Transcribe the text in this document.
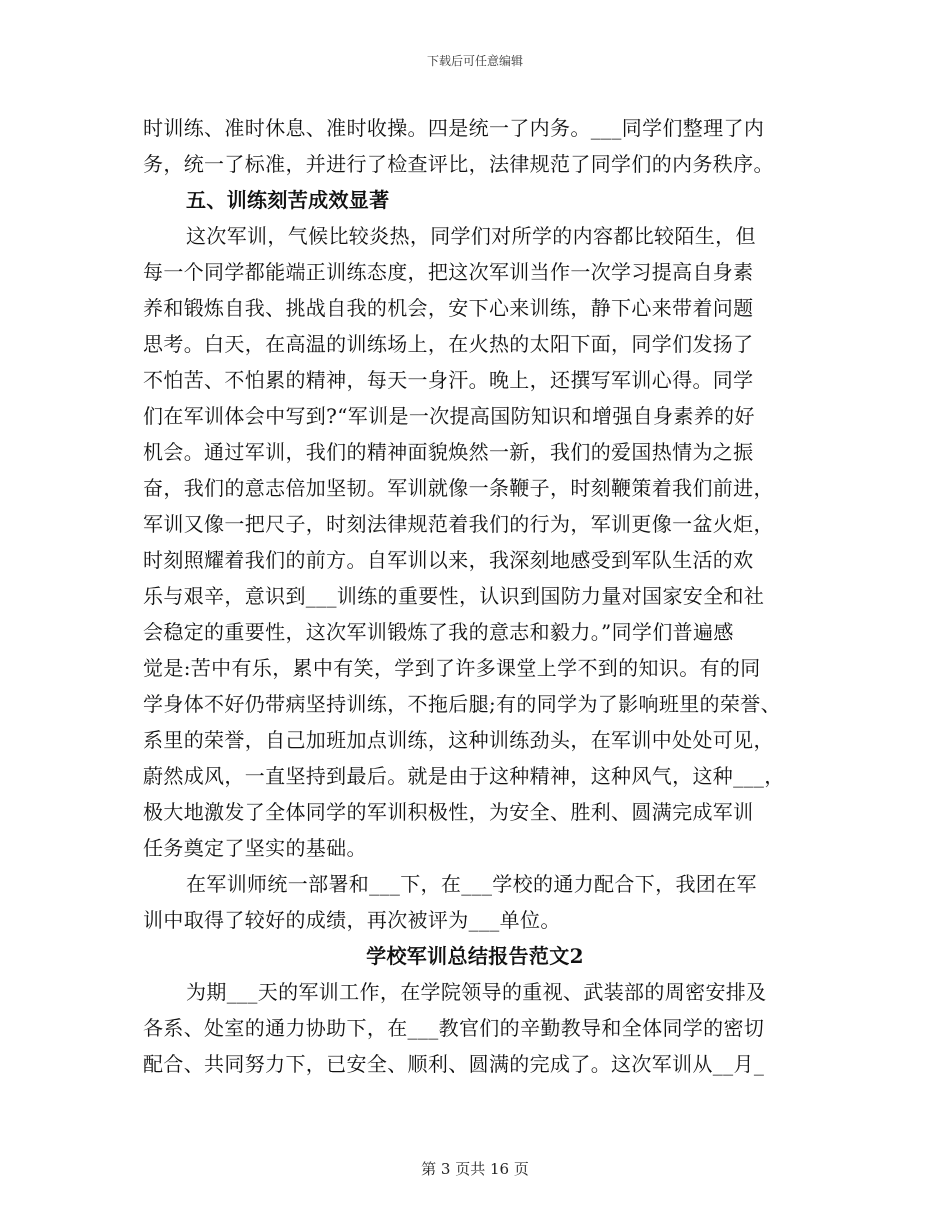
下载后可任意编辑
时训练、准时休息、准时收操。四是统一了内务。___同学们整理了内
务，统一了标准，并进行了检查评比，法律规范了同学们的内务秩序。
五、训练刻苦成效显著
这次军训，气候比较炎热，同学们对所学的内容都比较陌生，但
每一个同学都能端正训练态度，把这次军训当作一次学习提高自身素
养和锻炼自我、挑战自我的机会，安下心来训练，静下心来带着问题
思考。白天，在高温的训练场上，在火热的太阳下面，同学们发扬了
不怕苦、不怕累的精神，每天一身汗。晚上，还撰写军训心得。同学
们在军训体会中写到?“军训是一次提高国防知识和增强自身素养的好
机会。通过军训，我们的精神面貌焕然一新，我们的爱国热情为之振
奋，我们的意志倍加坚韧。军训就像一条鞭子，时刻鞭策着我们前进，
军训又像一把尺子，时刻法律规范着我们的行为，军训更像一盆火炬，
时刻照耀着我们的前方。自军训以来，我深刻地感受到军队生活的欢
乐与艰辛，意识到___训练的重要性，认识到国防力量对国家安全和社
会稳定的重要性，这次军训锻炼了我的意志和毅力。”同学们普遍感
觉是:苦中有乐，累中有笑，学到了许多课堂上学不到的知识。有的同
学身体不好仍带病坚持训练，不拖后腿;有的同学为了影响班里的荣誉、
系里的荣誉，自己加班加点训练，这种训练劲头，在军训中处处可见，
蔚然成风，一直坚持到最后。就是由于这种精神，这种风气，这种___，
极大地激发了全体同学的军训积极性，为安全、胜利、圆满完成军训
任务奠定了坚实的基础。
在军训师统一部署和___下，在___学校的通力配合下，我团在军
训中取得了较好的成绩，再次被评为___单位。
学校军训总结报告范文2
为期___天的军训工作，在学院领导的重视、武装部的周密安排及
各系、处室的通力协助下，在___教官们的辛勤教导和全体同学的密切
配合、共同努力下，已安全、顺利、圆满的完成了。这次军训从__月_
第 3 页共 16 页
